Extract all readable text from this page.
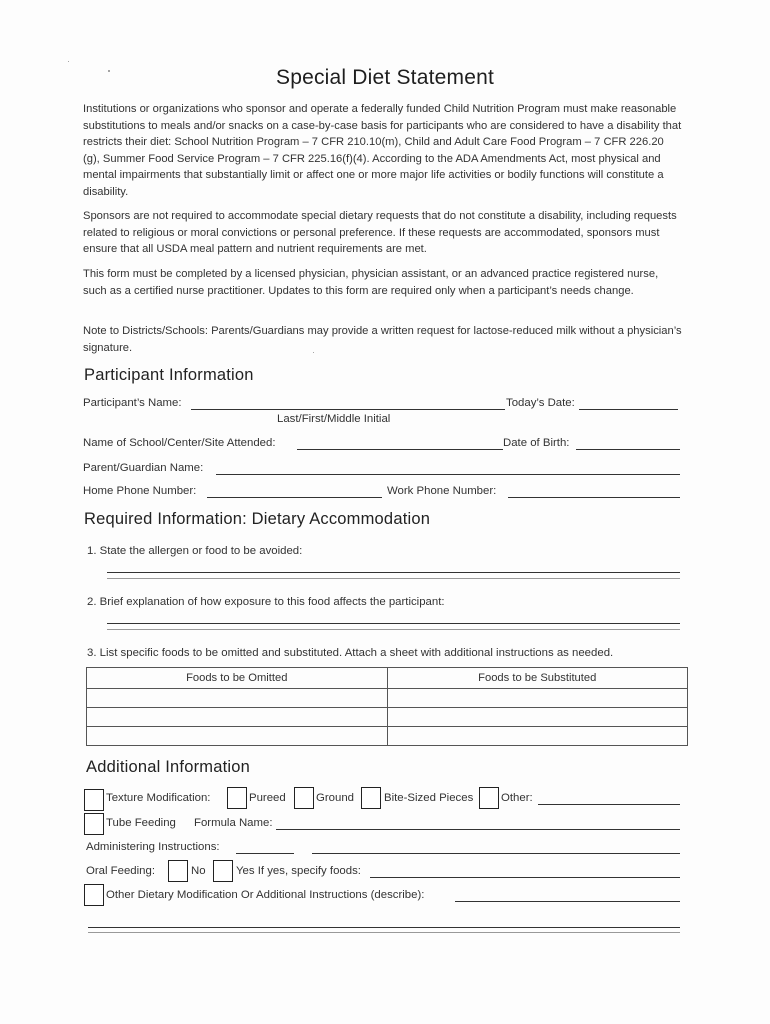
Special Diet Statement
Institutions or organizations who sponsor and operate a federally funded Child Nutrition Program must make reasonable substitutions to meals and/or snacks on a case-by-case basis for participants who are considered to have a disability that restricts their diet: School Nutrition Program – 7 CFR 210.10(m), Child and Adult Care Food Program – 7 CFR 226.20 (g), Summer Food Service Program – 7 CFR 225.16(f)(4). According to the ADA Amendments Act, most physical and mental impairments that substantially limit or affect one or more major life activities or bodily functions will constitute a disability.
Sponsors are not required to accommodate special dietary requests that do not constitute a disability, including requests related to religious or moral convictions or personal preference. If these requests are accommodated, sponsors must ensure that all USDA meal pattern and nutrient requirements are met.
This form must be completed by a licensed physician, physician assistant, or an advanced practice registered nurse, such as a certified nurse practitioner. Updates to this form are required only when a participant’s needs change.
Note to Districts/Schools: Parents/Guardians may provide a written request for lactose-reduced milk without a physician’s signature.
Participant Information
Participant’s Name:	Today’s Date:
Last/First/Middle Initial
Name of School/Center/Site Attended:	Date of Birth:
Parent/Guardian Name:
Home Phone Number:	Work Phone Number:
Required Information: Dietary Accommodation
1. State the allergen or food to be avoided:
2. Brief explanation of how exposure to this food affects the participant:
3. List specific foods to be omitted and substituted. Attach a sheet with additional instructions as needed.
Foods to be Omitted	Foods to be Substituted

Additional Information
Texture Modification:	Pureed	Ground	Bite-Sized Pieces Other:
Tube Feeding Formula Name:
Administering Instructions:
Oral Feeding:	No	Yes If yes, specify foods:
Other Dietary Modification Or Additional Instructions (describe):
